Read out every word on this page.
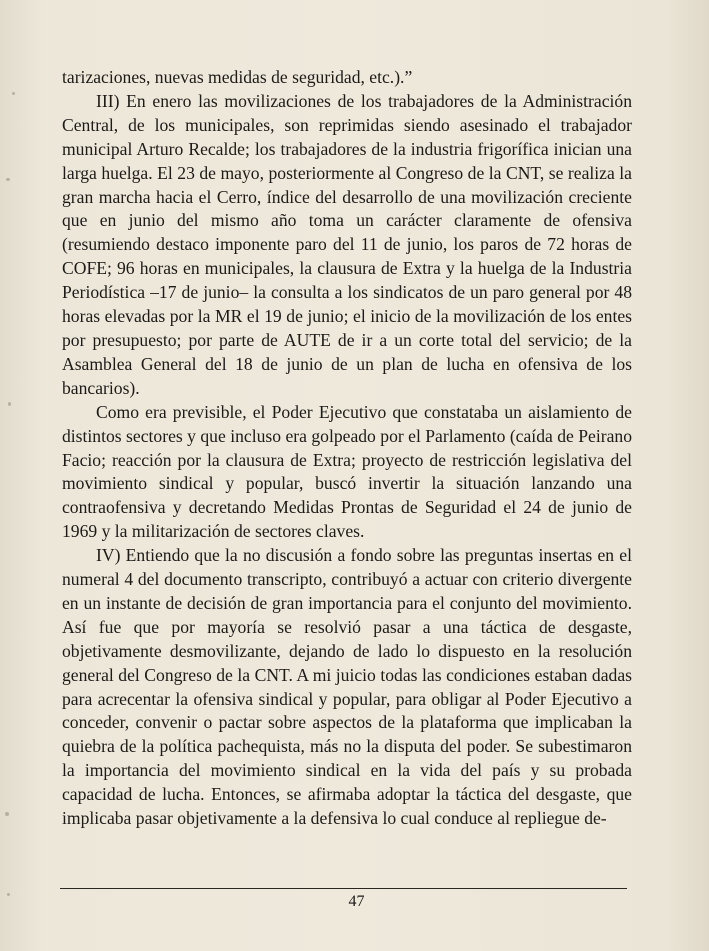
tarizaciones, nuevas medidas de seguridad, etc.).”

III) En enero las movilizaciones de los trabajadores de la Administración Central, de los municipales, son reprimidas siendo asesinado el trabajador municipal Arturo Recalde; los trabajadores de la industria frigorífica inician una larga huelga. El 23 de mayo, posteriormente al Congreso de la CNT, se realiza la gran marcha hacia el Cerro, índice del desarrollo de una movilización creciente que en junio del mismo año toma un carácter claramente de ofensiva (resumiendo destaco imponente paro del 11 de junio, los paros de 72 horas de COFE; 96 horas en municipales, la clausura de Extra y la huelga de la Industria Periodística –17 de junio– la consulta a los sindicatos de un paro general por 48 horas elevadas por la MR el 19 de junio; el inicio de la movilización de los entes por presupuesto; por parte de AUTE de ir a un corte total del servicio; de la Asamblea General del 18 de junio de un plan de lucha en ofensiva de los bancarios).

Como era previsible, el Poder Ejecutivo que constataba un aislamiento de distintos sectores y que incluso era golpeado por el Parlamento (caída de Peirano Facio; reacción por la clausura de Extra; proyecto de restricción legislativa del movimiento sindical y popular, buscó invertir la situación lanzando una contraofensiva y decretando Medidas Prontas de Seguridad el 24 de junio de 1969 y la militarización de sectores claves.

IV) Entiendo que la no discusión a fondo sobre las preguntas insertas en el numeral 4 del documento transcripto, contribuyó a actuar con criterio divergente en un instante de decisión de gran importancia para el conjunto del movimiento. Así fue que por mayoría se resolvió pasar a una táctica de desgaste, objetivamente desmovilizante, dejando de lado lo dispuesto en la resolución general del Congreso de la CNT. A mi juicio todas las condiciones estaban dadas para acrecentar la ofensiva sindical y popular, para obligar al Poder Ejecutivo a conceder, convenir o pactar sobre aspectos de la plataforma que implicaban la quiebra de la política pachequista, más no la disputa del poder. Se subestimaron la importancia del movimiento sindical en la vida del país y su probada capacidad de lucha. Entonces, se afirmaba adoptar la táctica del desgaste, que implicaba pasar objetivamente a la defensiva lo cual conduce al repliegue de-

47
